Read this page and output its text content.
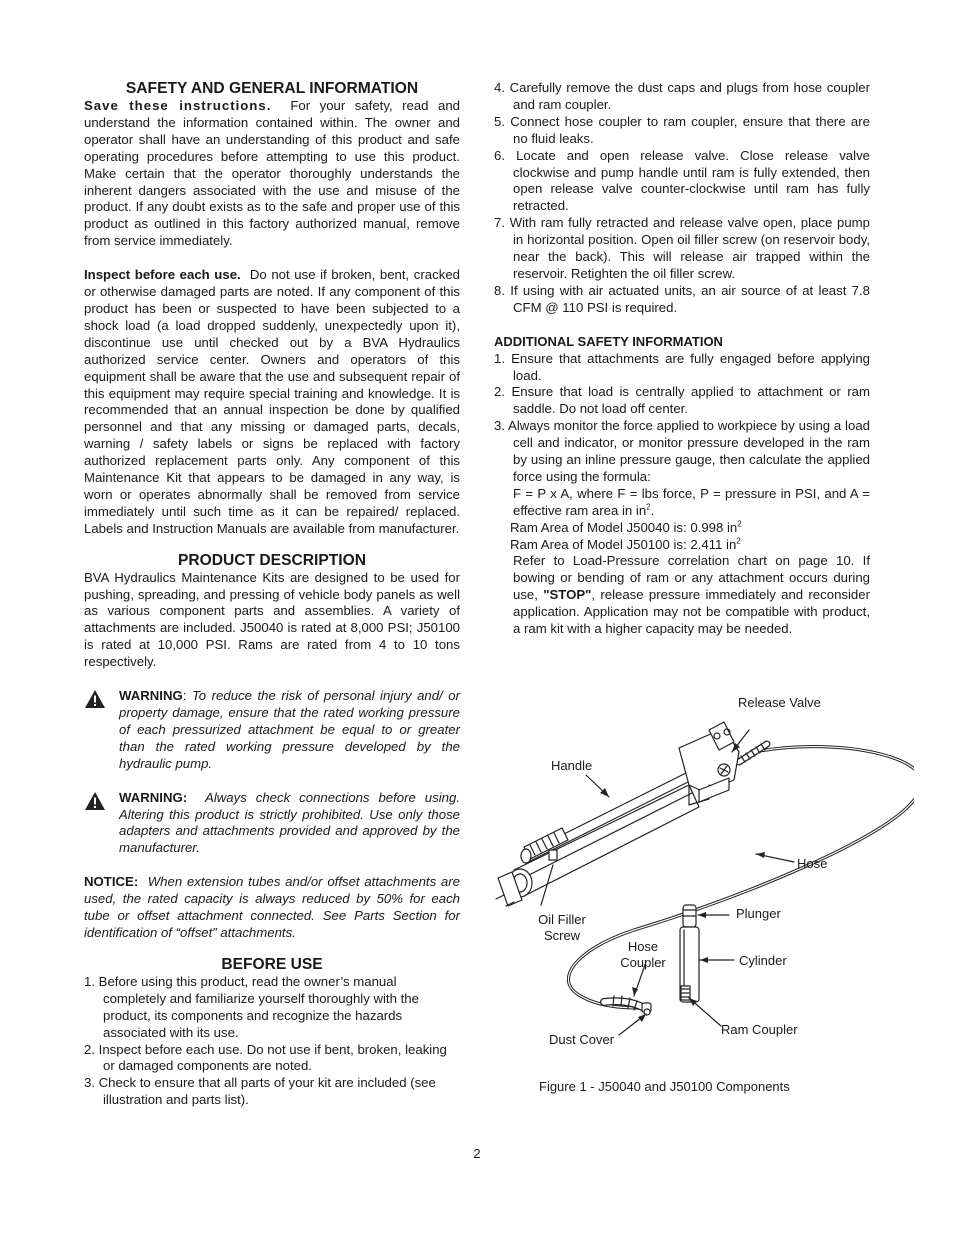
SAFETY AND GENERAL INFORMATION

Save these instructions. For your safety, read and understand the information contained within. The owner and operator shall have an understanding of this product and safe operating procedures before attempting to use this product. Make certain that the operator thoroughly understands the inherent dangers associated with the use and misuse of the product. If any doubt exists as to the safe and proper use of this product as outlined in this factory authorized manual, remove from service immediately.

Inspect before each use. Do not use if broken, bent, cracked or otherwise damaged parts are noted. If any component of this product has been or suspected to have been subjected to a shock load (a load dropped suddenly, unexpectedly upon it), discontinue use until checked out by a BVA Hydraulics authorized service center. Owners and operators of this equipment shall be aware that the use and subsequent repair of this equipment may require special training and knowledge. It is recommended that an annual inspection be done by qualified personnel and that any missing or damaged parts, decals, warning / safety labels or signs be replaced with factory authorized replacement parts only. Any component of this Maintenance Kit that appears to be damaged in any way, is worn or operates abnormally shall be removed from service immediately until such time as it can be repaired/ replaced. Labels and Instruction Manuals are available from manufacturer.

PRODUCT DESCRIPTION

BVA Hydraulics Maintenance Kits are designed to be used for pushing, spreading, and pressing of vehicle body panels as well as various component parts and assemblies. A variety of attachments are included. J50040 is rated at 8,000 PSI; J50100 is rated at 10,000 PSI. Rams are rated from 4 to 10 tons respectively.

WARNING: To reduce the risk of personal injury and/ or property damage, ensure that the rated working pressure of each pressurized attachment be equal to or greater than the rated working pressure developed by the hydraulic pump.
WARNING: Always check connections before using. Altering this product is strictly prohibited. Use only those adapters and attachments provided and approved by the manufacturer.

NOTICE: When extension tubes and/or offset attachments are used, the rated capacity is always reduced by 50% for each tube or offset attachment connected. See Parts Section for identification of “offset” attachments.

BEFORE USE
1. Before using this product, read the owner’s manual completely and familiarize yourself thoroughly with the product, its components and recognize the hazards associated with its use.
2. Inspect before each use. Do not use if bent, broken, leaking or damaged components are noted.
3. Check to ensure that all parts of your kit are included (see illustration and parts list).
4. Carefully remove the dust caps and plugs from hose coupler and ram coupler.
5. Connect hose coupler to ram coupler, ensure that there are no fluid leaks.
6. Locate and open release valve. Close release valve clockwise and pump handle until ram is fully extended, then open release valve counter-clockwise until ram has fully retracted.
7. With ram fully retracted and release valve open, place pump in horizontal position. Open oil filler screw (on reservoir body, near the back). This will release air trapped within the reservoir. Retighten the oil filler screw.
8. If using with air actuated units, an air source of at least 7.8 CFM @ 110 PSI is required.

ADDITIONAL SAFETY INFORMATION

1. Ensure that attachments are fully engaged before applying load.
2. Ensure that load is centrally applied to attachment or ram saddle. Do not load off center.
3. Always monitor the force applied to workpiece by using a load cell and indicator, or monitor pressure developed in the ram by using an inline pressure gauge, then calculate the applied force using the formula:
F = P x A, where F = lbs force, P = pressure in PSI, and A = effective ram area in $in^2$.
Ram Area of Model J50040 is: 0.998 $in^2$
Ram Area of Model J50100 is: 2.411 $in^2$
Refer to Load-Pressure correlation chart on page 10. If bowing or bending of ram or any attachment occurs during use, "STOP", release pressure immediately and reconsider application. Application may not be compatible with product, a ram kit with a higher capacity may be needed.
Release Valve
Handle
Hose
Oil Filler
Screw
Plunger
Hose
Coupler	Cylinder
Ram Coupler
Dust Cover
Figure 1 - J50040 and J50100 Components
2
